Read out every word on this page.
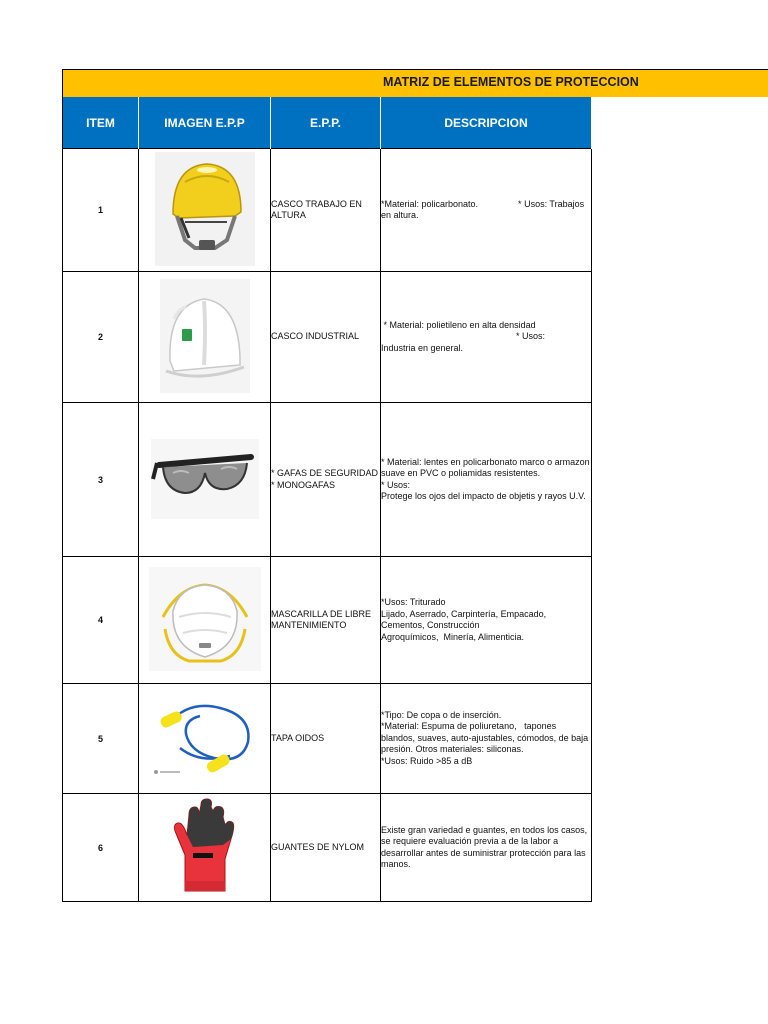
MATRIZ DE ELEMENTOS DE PROTECCION
ITEM	IMAGEN E.P.P	E.P.P.	DESCRIPCION
1		CASCO TRABAJO EN ALTURA	*Material: policarbonato.                * Usos: Trabajos en altura.
2		CASCO INDUSTRIAL	* Material: polietileno en alta densidad
* Usos:
Industria en general.
3		* GAFAS DE SEGURIDAD * MONOGAFAS	* Material: lentes en policarbonato marco o armazon suave en PVC o poliamidas resistentes.                   * Usos:
Protege los ojos del impacto de objetis y rayos U.V.
4		MASCARILLA DE LIBRE MANTENIMIENTO	*Usos: Triturado
Lijado, Aserrado, Carpintería, Empacado, Cementos, Construcción
Agroquímicos,  Minería, Alimenticia.
5		TAPA OIDOS	*Tipo: De copa o de inserción.
*Material: Espuma de poliuretano,   tapones blandos, suaves, auto-ajustables, cómodos, de baja presión. Otros materiales: siliconas.
*Usos: Ruido >85 a dB
6		GUANTES DE NYLOM	Existe gran variedad e guantes, en todos los casos, se requiere evaluación previa a de la labor a desarrollar antes de suministrar protección para las manos.
